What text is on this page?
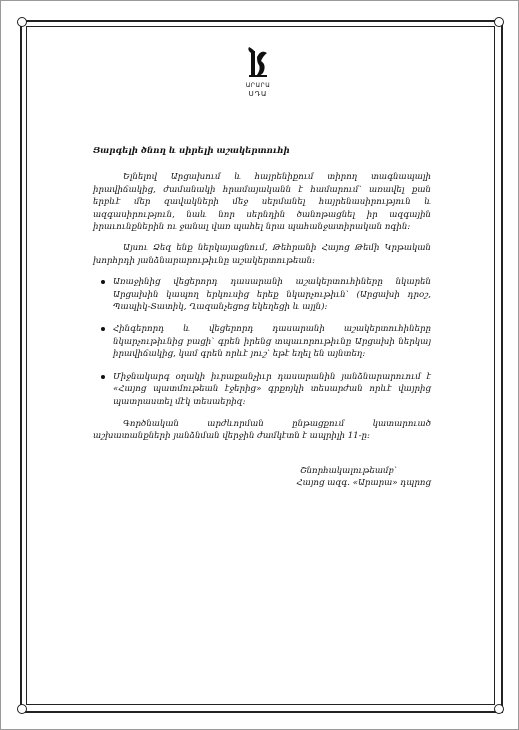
ԱՐԱՐԱ
ՍԴԱ
Յարգելի ծնող և սիրելի աշակերտուհի

Ելնելով Արցախում և հայրենիքում տիրող տագնապալի իրավիճակից, ժամանակի հրամայականն է համարում՝ առավել քան երբևէ մեր զավակների մեջ սերմանել հայրենասիրություն և ազգասիրություն, նաև նոր սերնդին ծանոթացնել իր ազգային իրաւունքներին ու ջանալ վառ պահել նրա պահանջատիրական ոգին:

Այսու Ձեզ ենք ներկայացնում, Թեհրանի Հայոց Թեմի Կրթական խորհրդի յանձնարարութիւնը աշակերտութեան:

Առաջինից վեցերորդ դասարանի աշակերտուհիները նկարեն Արցախին կապող երկուսից երեք նկարչութիւն՝ (Արցախի դրօշ, Պապիկ-Տատիկ, Ղազանչեցոց եկեղեցի և այլն):
Հինգերորդ և վեցերորդ դասարանի աշակերտուհիները նկարչութիւնից բացի՝ գրեն իրենց տպաւորութիւնը Արցախի ներկայ իրավիճակից, կամ գրեն որևէ յուշ՝ եթէ եղել են այնտեղ:
Միջնակարգ օղակի իւրաքանչիւր դասարանին յանձնարարուում է «Հայոց պատմութեան էջերից» գրքոյկի տեսարժան որևէ վայրից պատրաստել մէկ տեսաերիզ:

Գործնական արժևորման ընթացքում կատարուած աշխատանքների յանձնման վերջին ժամկէտն է ապրիլի 11-ը:

Շնորհակալութեամբ՝
Հայոց ազգ. «Արարա» դպրոց
